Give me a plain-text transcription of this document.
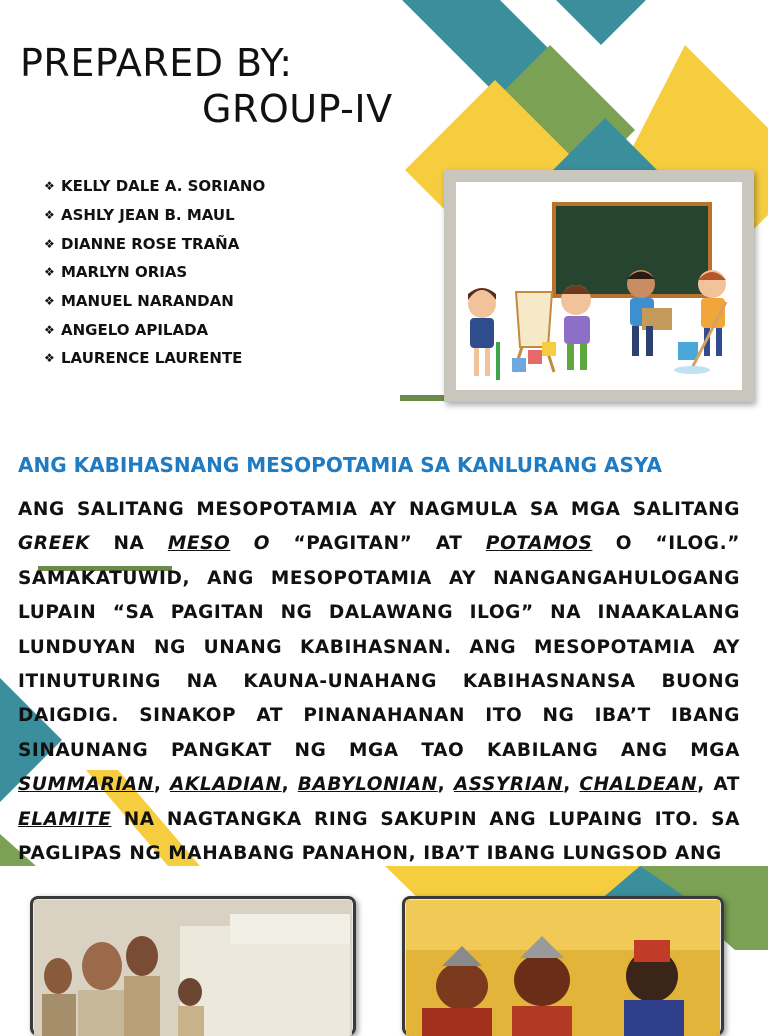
PREPARED BY:
GROUP-IV
❖ KELLY DALE A. SORIANO
❖ ASHLY JEAN B. MAUL
❖ DIANNE ROSE TRAÑA
❖ MARLYN ORIAS
❖ MANUEL NARANDAN
❖ ANGELO APILADA
❖ LAURENCE LAURENTE
ANG KABIHASNANG MESOPOTAMIA SA KANLURANG ASYA

ANG SALITANG MESOPOTAMIA AY NAGMULA SA MGA SALITANG GREEK NA MESO O “PAGITAN” AT POTAMOS O “ILOG.” SAMAKATUWID, ANG MESOPOTAMIA AY NANGANGAHULOGANG LUPAIN “SA PAGITAN NG DALAWANG ILOG” NA INAAKALANG LUNDUYAN NG UNANG KABIHASNAN. ANG MESOPOTAMIA AY ITINUTURING NA KAUNA-UNAHANG KABIHASNANSA BUONG DAIGDIG. SINAKOP AT PINANAHANAN ITO NG IBA’T IBANG SINAUNANG PANGKAT NG MGA TAO KABILANG ANG MGA SUMMARIAN, AKLADIAN, BABYLONIAN, ASSYRIAN, CHALDEAN, AT ELAMITE NA NAGTANGKA RING SAKUPIN ANG LUPAING ITO. SA PAGLIPAS NG MAHABANG PANAHON, IBA’T IBANG LUNGSOD ANG
